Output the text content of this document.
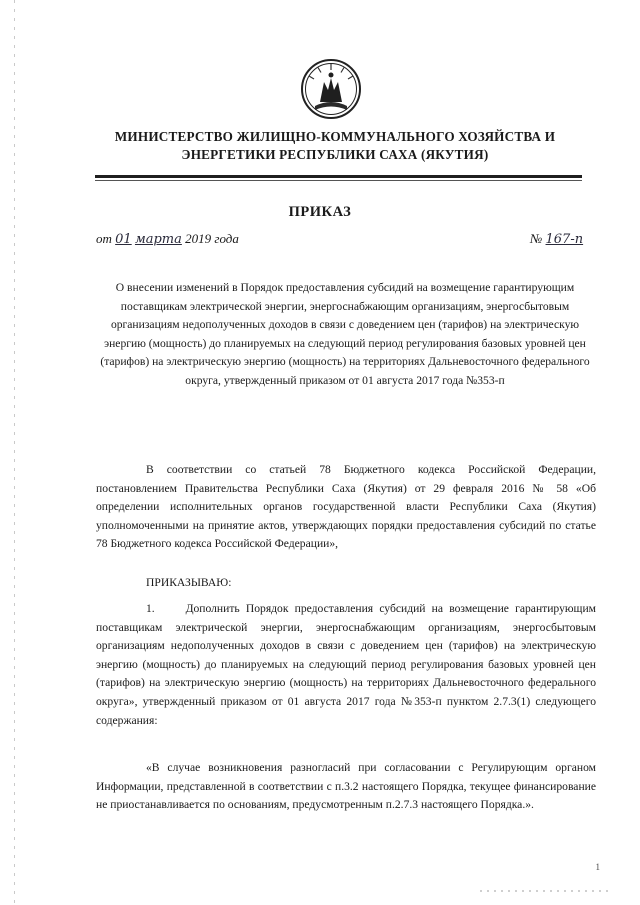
МИНИСТЕРСТВО ЖИЛИЩНО-КОММУНАЛЬНОГО ХОЗЯЙСТВА И
ЭНЕРГЕТИКИ РЕСПУБЛИКИ САХА (ЯКУТИЯ)
ПРИКАЗ
от 01 марта 2019 года	№ 167-п
О внесении изменений в Порядок предоставления субсидий на возмещение гарантирующим поставщикам электрической энергии, энергоснабжающим организациям, энергосбытовым организациям недополученных доходов в связи с доведением цен (тарифов) на электрическую энергию (мощность) до планируемых на следующий период регулирования базовых уровней цен (тарифов) на электрическую энергию (мощность) на территориях Дальневосточного федерального округа, утвержденный приказом от 01 августа 2017 года №353-п
В соответствии со статьей 78 Бюджетного кодекса Российской Федерации, постановлением Правительства Республики Саха (Якутия) от 29 февраля 2016 № 58 «Об определении исполнительных органов государственной власти Республики Саха (Якутия) уполномоченными на принятие актов, утверждающих порядки предоставления субсидий по статье 78 Бюджетного кодекса Российской Федерации»,
ПРИКАЗЫВАЮ:
1.     Дополнить Порядок предоставления субсидий на возмещение гарантирующим поставщикам электрической энергии, энергоснабжающим организациям, энергосбытовым организациям недополученных доходов в связи с доведением цен (тарифов) на электрическую энергию (мощность) до планируемых на следующий период регулирования базовых уровней цен (тарифов) на электрическую энергию (мощность) на территориях Дальневосточного федерального округа», утвержденный приказом от 01 августа 2017 года №353-п пунктом 2.7.3(1) следующего содержания:
«В случае возникновения разногласий при согласовании с Регулирующим органом Информации, представленной в соответствии с п.3.2 настоящего Порядка, текущее финансирование не приостанавливается по основаниям, предусмотренным п.2.7.3 настоящего Порядка.».
1
